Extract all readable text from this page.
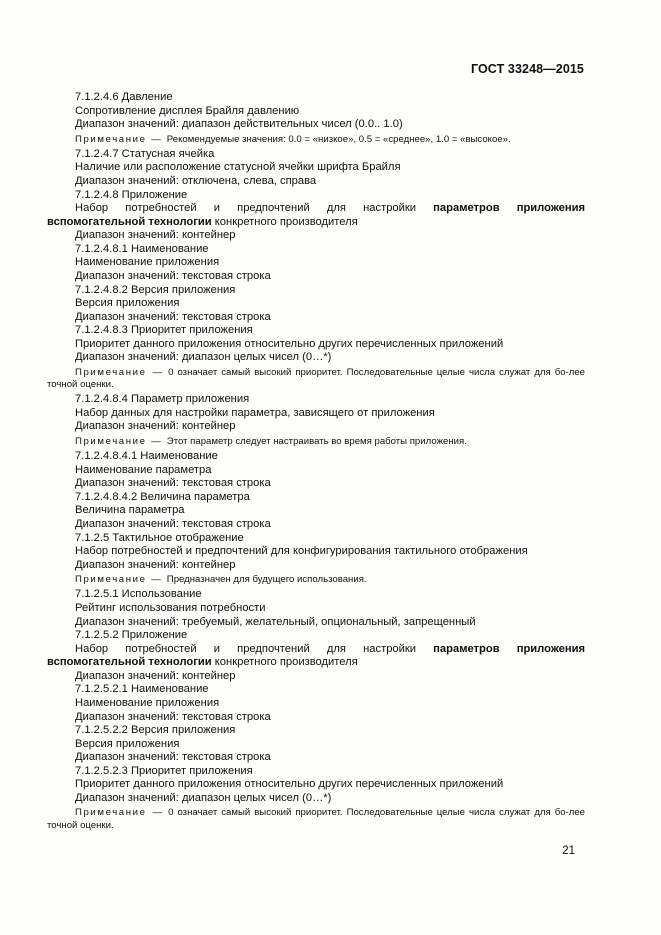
ГОСТ 33248—2015
7.1.2.4.6 Давление
Сопротивление дисплея Брайля давлению
Диапазон значений: диапазон действительных чисел (0.0.. 1.0)
Примечание — Рекомендуемые значения: 0.0 = «низкое», 0.5 = «среднее», 1.0 = «высокое».
7.1.2.4.7 Статусная ячейка
Наличие или расположение статусной ячейки шрифта Брайля
Диапазон значений: отключена, слева, справа
7.1.2.4.8 Приложение
Набор потребностей и предпочтений для настройки параметров приложения вспомогательной технологии конкретного производителя
Диапазон значений: контейнер
7.1.2.4.8.1 Наименование
Наименование приложения
Диапазон значений: текстовая строка
7.1.2.4.8.2 Версия приложения
Версия приложения
Диапазон значений: текстовая строка
7.1.2.4.8.3 Приоритет приложения
Приоритет данного приложения относительно других перечисленных приложений
Диапазон значений: диапазон целых чисел (0…*)
Примечание — 0 означает самый высокий приоритет. Последовательные целые числа служат для бо-лее точной оценки.
7.1.2.4.8.4 Параметр приложения
Набор данных для настройки параметра, зависящего от приложения
Диапазон значений: контейнер
Примечание — Этот параметр следует настраивать во время работы приложения.
7.1.2.4.8.4.1 Наименование
Наименование параметра
Диапазон значений: текстовая строка
7.1.2.4.8.4.2 Величина параметра
Величина параметра
Диапазон значений: текстовая строка
7.1.2.5 Тактильное отображение
Набор потребностей и предпочтений для конфигурирования тактильного отображения
Диапазон значений: контейнер
Примечание — Предназначен для будущего использования.
7.1.2.5.1 Использование
Рейтинг использования потребности
Диапазон значений: требуемый, желательный, опциональный, запрещенный
7.1.2.5.2 Приложение
Набор потребностей и предпочтений для настройки параметров приложения вспомогательной технологии конкретного производителя
Диапазон значений: контейнер
7.1.2.5.2.1 Наименование
Наименование приложения
Диапазон значений: текстовая строка
7.1.2.5.2.2 Версия приложения
Версия приложения
Диапазон значений: текстовая строка
7.1.2.5.2.3 Приоритет приложения
Приоритет данного приложения относительно других перечисленных приложений
Диапазон значений: диапазон целых чисел (0…*)
Примечание — 0 означает самый высокий приоритет. Последовательные целые числа служат для бо-лее точной оценки.
21
